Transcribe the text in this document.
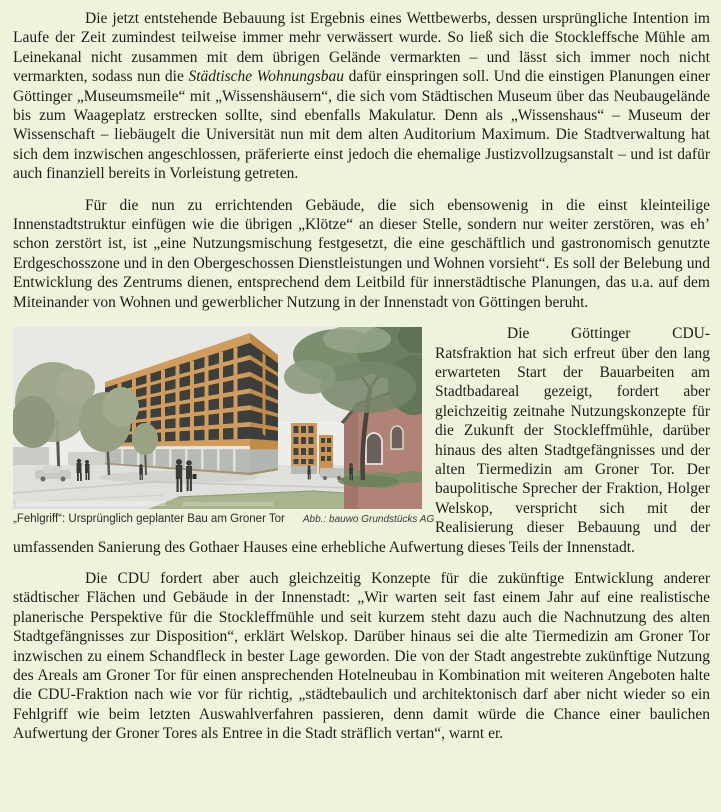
Die jetzt entstehende Bebauung ist Ergebnis eines Wettbewerbs, dessen ursprüngliche Intention im Laufe der Zeit zumindest teilweise immer mehr verwässert wurde. So ließ sich die Stockleffsche Mühle am Leinekanal nicht zusammen mit dem übrigen Gelände vermarkten – und lässt sich immer noch nicht vermarkten, sodass nun die Städtische Wohnungsbau dafür einspringen soll. Und die einstigen Planungen einer Göttinger „Museumsmeile“ mit „Wissenshäusern“, die sich vom Städtischen Museum über das Neubaugelände bis zum Waageplatz erstrecken sollte, sind ebenfalls Makulatur. Denn als „Wissenshaus“ – Museum der Wissenschaft – liebäugelt die Universität nun mit dem alten Auditorium Maximum. Die Stadtverwaltung hat sich dem inzwischen angeschlossen, präferierte einst jedoch die ehemalige Justizvollzugsanstalt – und ist dafür auch finanziell bereits in Vorleistung getreten.

Für die nun zu errichtenden Gebäude, die sich ebensowenig in die einst kleinteilige Innenstadtstruktur einfügen wie die übrigen „Klötze“ an dieser Stelle, sondern nur weiter zerstören, was eh’ schon zerstört ist, ist „eine Nutzungsmischung festgesetzt, die eine geschäftlich und gastronomisch genutzte Erdgeschosszone und in den Obergeschossen Dienstleistungen und Wohnen vorsieht“. Es soll der Belebung und Entwicklung des Zentrums dienen, entsprechend dem Leitbild für innerstädtische Planungen, das u.a. auf dem Miteinander von Wohnen und gewerblicher Nutzung in der Innenstadt von Göttingen beruht.

„Fehlgriff“: Ursprünglich geplanter Bau am Groner Tor Abb.: bauwo Grundstücks AG

Die Göttinger CDU-Ratsfraktion hat sich erfreut über den lang erwarteten Start der Bauarbeiten am Stadtbadareal gezeigt, fordert aber gleichzeitig zeitnahe Nutzungskonzepte für die Zukunft der Stockleffmühle, darüber hinaus des alten Stadtgefängnisses und der alten Tiermedizin am Groner Tor. Der baupolitische Sprecher der Fraktion, Holger Welskop, verspricht sich mit der Realisierung dieser Bebauung und der umfassenden Sanierung des Gothaer Hauses eine erhebliche Aufwertung dieses Teils der Innenstadt.

Die CDU fordert aber auch gleichzeitig Konzepte für die zukünftige Entwicklung anderer städtischer Flächen und Gebäude in der Innenstadt: „Wir warten seit fast einem Jahr auf eine realistische planerische Perspektive für die Stockleffmühle und seit kurzem steht dazu auch die Nachnutzung des alten Stadtgefängnisses zur Disposition“, erklärt Welskop. Darüber hinaus sei die alte Tiermedizin am Groner Tor inzwischen zu einem Schandfleck in bester Lage geworden. Die von der Stadt angestrebte zukünftige Nutzung des Areals am Groner Tor für einen ansprechenden Hotelneubau in Kombination mit weiteren Angeboten halte die CDU-Fraktion nach wie vor für richtig, „städtebaulich und architektonisch darf aber nicht wieder so ein Fehlgriff wie beim letzten Auswahlverfahren passieren, denn damit würde die Chance einer baulichen Aufwertung der Groner Tores als Entree in die Stadt sträflich vertan“, warnt er.
